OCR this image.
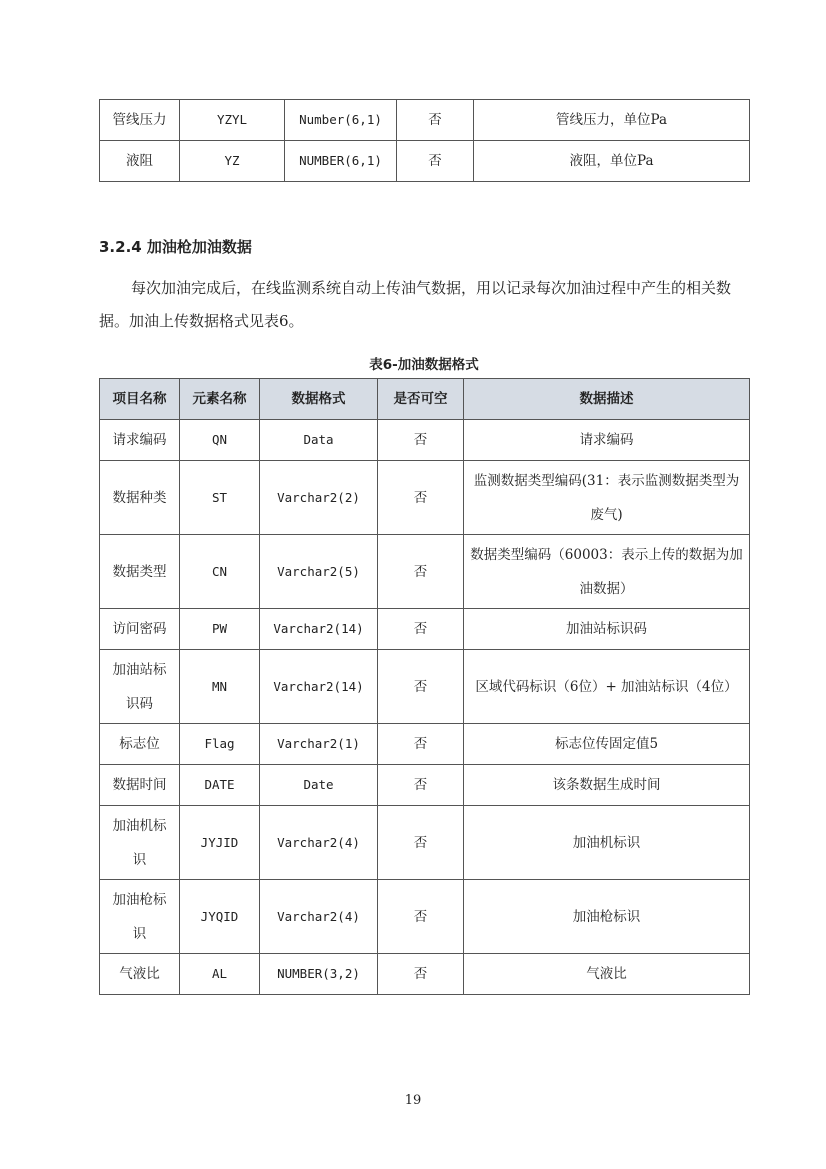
管线压力	YZYL	Number(6,1)	否	管线压力，单位Pa
液阻	YZ	NUMBER(6,1)	否	液阻，单位Pa
3.2.4 加油枪加油数据

每次加油完成后，在线监测系统自动上传油气数据，用以记录每次加油过程中产生的相关数据。加油上传数据格式见表6。

表6-加油数据格式
项目名称	元素名称	数据格式	是否可空	数据描述
请求编码	QN	Data	否	请求编码
数据种类	ST	Varchar2(2)	否	监测数据类型编码(31：表示监测数据类型为废气)
数据类型	CN	Varchar2(5)	否	数据类型编码（60003：表示上传的数据为加油数据）
访问密码	PW	Varchar2(14)	否	加油站标识码
加油站标识码	MN	Varchar2(14)	否	区域代码标识（6位）+ 加油站标识（4位）
标志位	Flag	Varchar2(1)	否	标志位传固定值5
数据时间	DATE	Date	否	该条数据生成时间
加油机标识	JYJID	Varchar2(4)	否	加油机标识
加油枪标识	JYQID	Varchar2(4)	否	加油枪标识
气液比	AL	NUMBER(3,2)	否	气液比
19
